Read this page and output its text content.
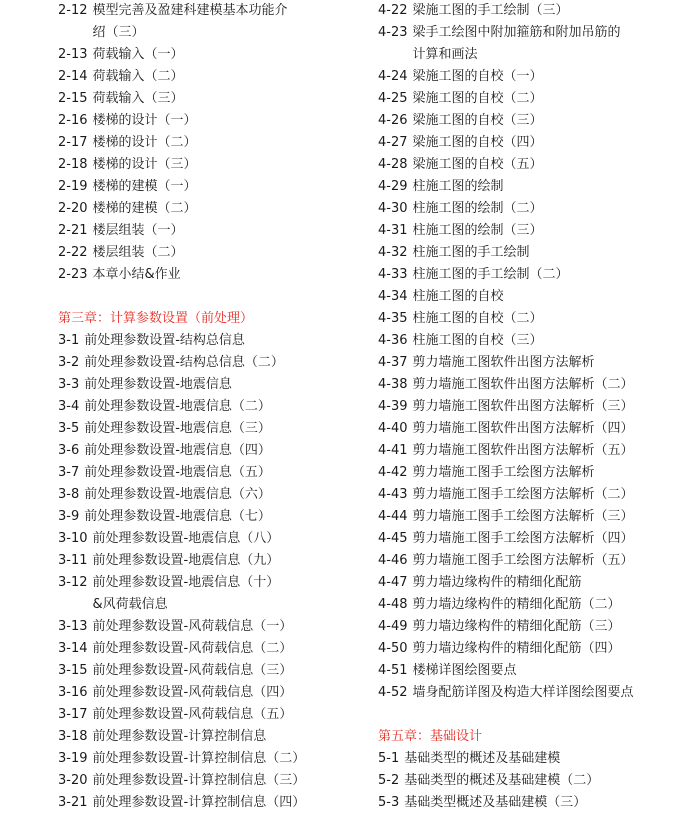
2-12 模型完善及盈建科建模基本功能介
绍（三）
2-13 荷载输入（一）
2-14 荷载输入（二）
2-15 荷载输入（三）
2-16 楼梯的设计（一）
2-17 楼梯的设计（二）
2-18 楼梯的设计（三）
2-19 楼梯的建模（一）
2-20 楼梯的建模（二）
2-21 楼层组装（一）
2-22 楼层组装（二）
2-23 本章小结&作业
第三章：计算参数设置（前处理）
3-1 前处理参数设置-结构总信息
3-2 前处理参数设置-结构总信息（二）
3-3 前处理参数设置-地震信息
3-4 前处理参数设置-地震信息（二）
3-5 前处理参数设置-地震信息（三）
3-6 前处理参数设置-地震信息（四）
3-7 前处理参数设置-地震信息（五）
3-8 前处理参数设置-地震信息（六）
3-9 前处理参数设置-地震信息（七）
3-10 前处理参数设置-地震信息（八）
3-11 前处理参数设置-地震信息（九）
3-12 前处理参数设置-地震信息（十）
&风荷载信息
3-13 前处理参数设置-风荷载信息（一）
3-14 前处理参数设置-风荷载信息（二）
3-15 前处理参数设置-风荷载信息（三）
3-16 前处理参数设置-风荷载信息（四）
3-17 前处理参数设置-风荷载信息（五）
3-18 前处理参数设置-计算控制信息
3-19 前处理参数设置-计算控制信息（二）
3-20 前处理参数设置-计算控制信息（三）
3-21 前处理参数设置-计算控制信息（四）
4-22 梁施工图的手工绘制（三）
4-23 梁手工绘图中附加箍筋和附加吊筋的
计算和画法
4-24 梁施工图的自校（一）
4-25 梁施工图的自校（二）
4-26 梁施工图的自校（三）
4-27 梁施工图的自校（四）
4-28 梁施工图的自校（五）
4-29 柱施工图的绘制
4-30 柱施工图的绘制（二）
4-31 柱施工图的绘制（三）
4-32 柱施工图的手工绘制
4-33 柱施工图的手工绘制（二）
4-34 柱施工图的自校
4-35 柱施工图的自校（二）
4-36 柱施工图的自校（三）
4-37 剪力墙施工图软件出图方法解析
4-38 剪力墙施工图软件出图方法解析（二）
4-39 剪力墙施工图软件出图方法解析（三）
4-40 剪力墙施工图软件出图方法解析（四）
4-41 剪力墙施工图软件出图方法解析（五）
4-42 剪力墙施工图手工绘图方法解析
4-43 剪力墙施工图手工绘图方法解析（二）
4-44 剪力墙施工图手工绘图方法解析（三）
4-45 剪力墙施工图手工绘图方法解析（四）
4-46 剪力墙施工图手工绘图方法解析（五）
4-47 剪力墙边缘构件的精细化配筋
4-48 剪力墙边缘构件的精细化配筋（二）
4-49 剪力墙边缘构件的精细化配筋（三）
4-50 剪力墙边缘构件的精细化配筋（四）
4-51 楼梯详图绘图要点
4-52 墙身配筋详图及构造大样详图绘图要点
第五章：基础设计
5-1 基础类型的概述及基础建模
5-2 基础类型的概述及基础建模（二）
5-3 基础类型概述及基础建模（三）
